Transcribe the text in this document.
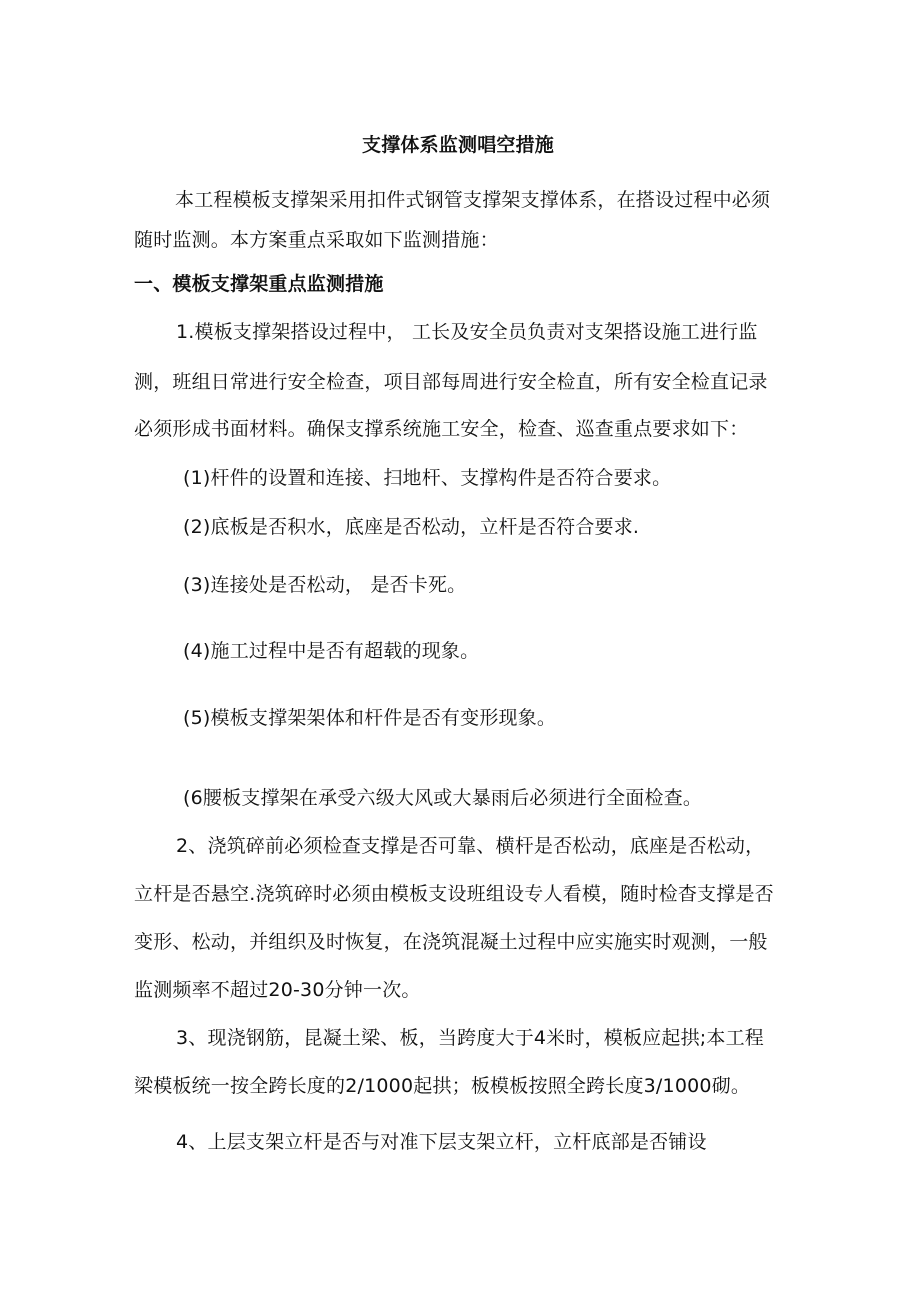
支撑体系监测唱空措施
本工程模板支撑架采用扣件式钢管支撑架支撑体系，在搭设过程中必须
随时监测。本方案重点采取如下监测措施：
一、模板支撑架重点监测措施
1.模板支撑架搭设过程中， 工长及安全员负责对支架搭设施工进行监
测，班组日常进行安全检查，项目部每周进行安全检直，所有安全检直记录
必须形成书面材料。确保支撑系统施工安全，检查、巡查重点要求如下：
(1)杆件的设置和连接、扫地杆、支撑构件是否符合要求。
(2)底板是否积水，底座是否松动，立杆是否符合要求.
(3)连接处是否松动， 是否卡死。
(4)施工过程中是否有超载的现象。
(5)模板支撑架架体和杆件是否有变形现象。
(6腰板支撑架在承受六级大风或大暴雨后必须进行全面检查。
2、浇筑碎前必须检查支撑是否可靠、横杆是否松动，底座是否松动，
立杆是否悬空.浇筑碎时必须由模板支设班组设专人看模，随时检杳支撑是否
变形、松动，并组织及时恢复，在浇筑混凝土过程中应实施实时观测，一般
监测频率不超过20-30分钟一次。
3、现浇钢筋，昆凝土梁、板，当跨度大于4米时，模板应起拱;本工程
梁模板统一按全跨长度的2/1000起拱；板模板按照全跨长度3/1000砌。
4、上层支架立杆是否与对准下层支架立杆，立杆底部是否铺设
